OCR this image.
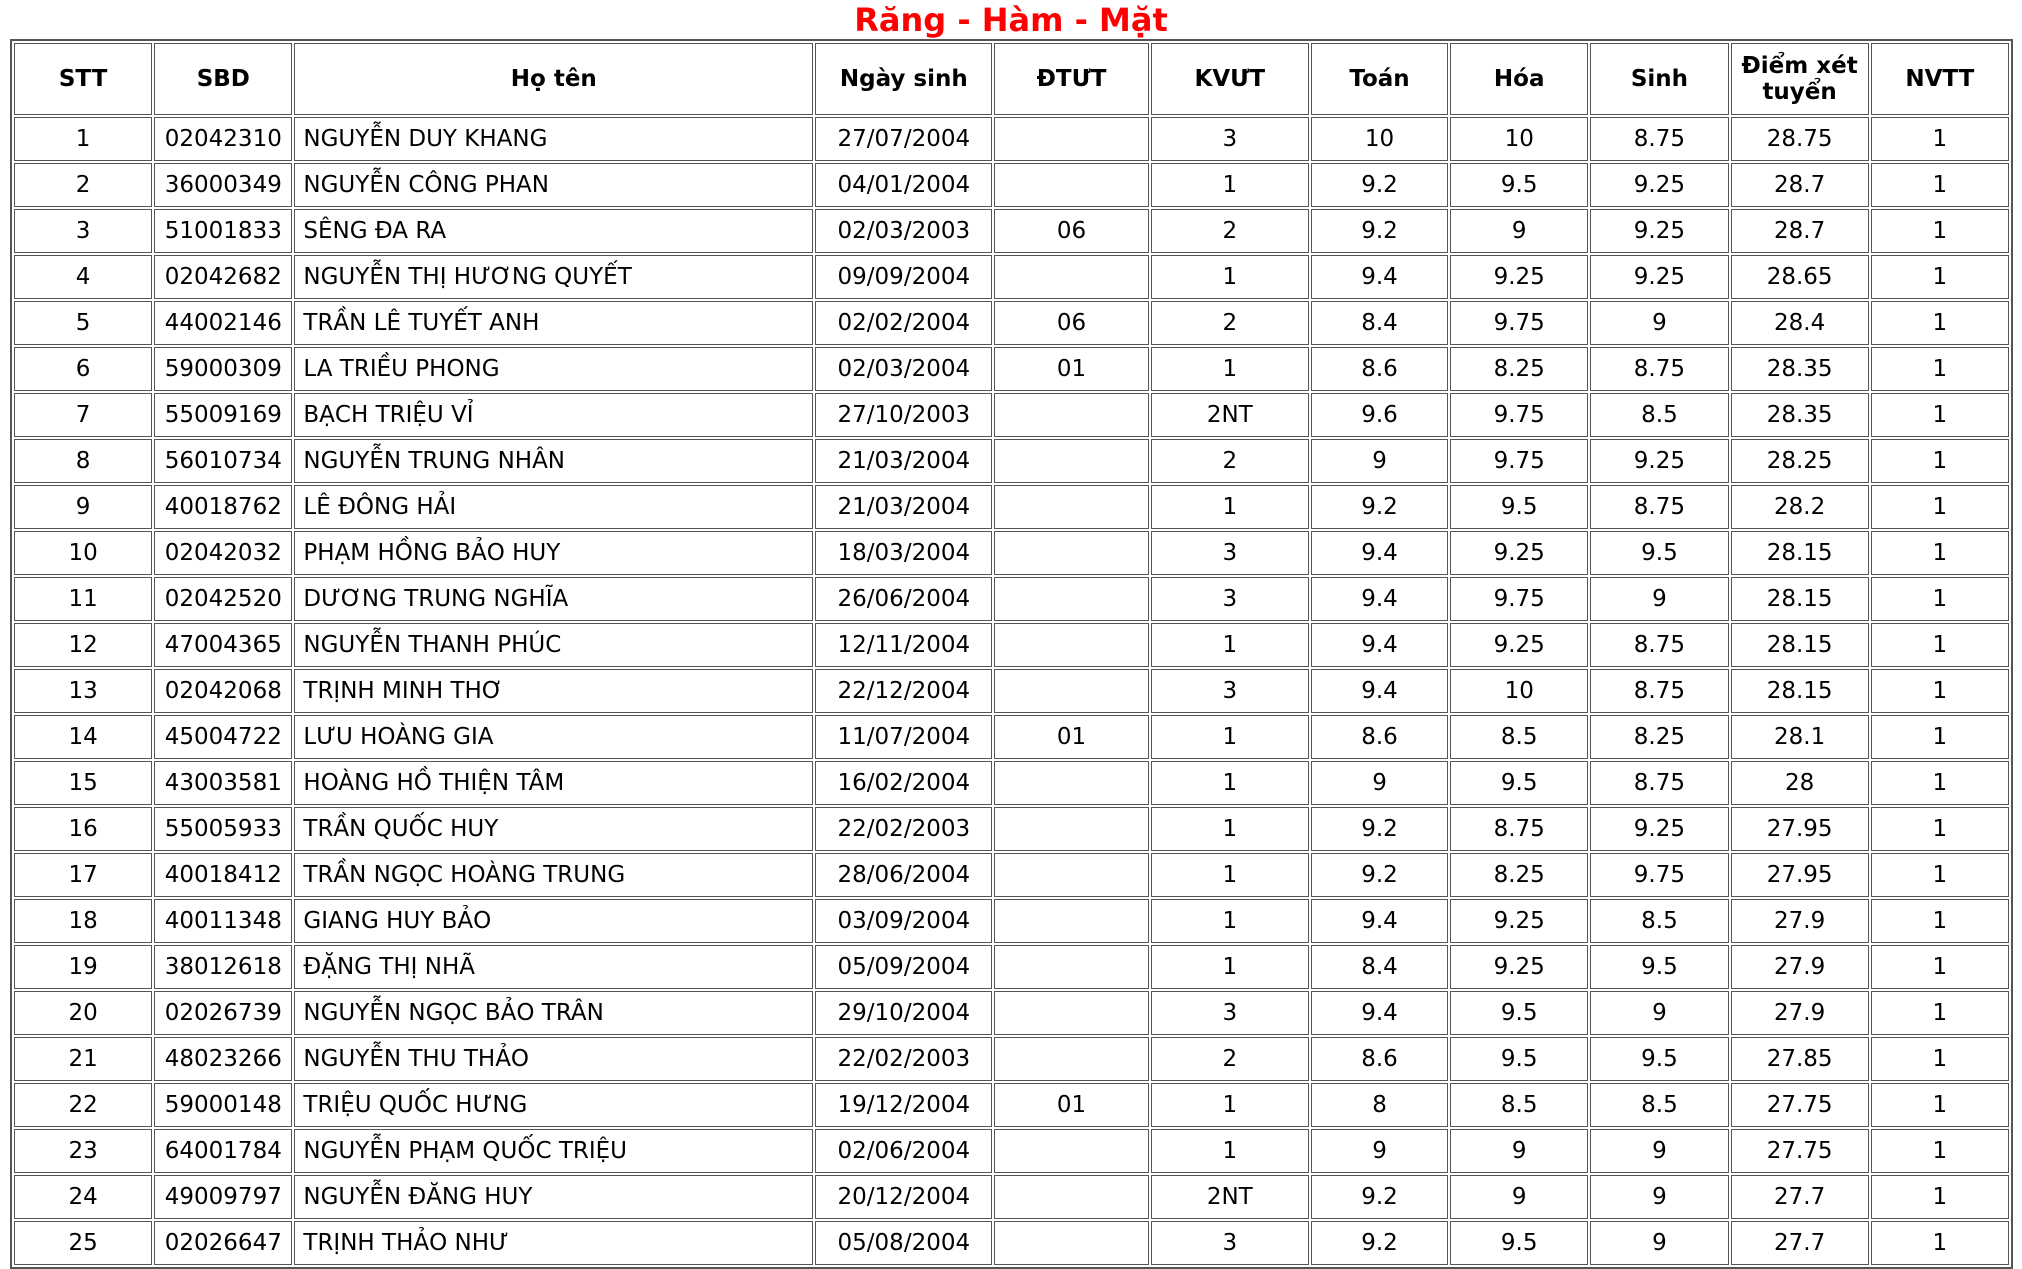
Răng - Hàm - Mặt
STT	SBD	Họ tên	Ngày sinh	ĐTƯT	KVƯT	Toán	Hóa	Sinh	Điểm xét tuyển	NVTT
1	02042310	NGUYỄN DUY KHANG	27/07/2004		3	10	10	8.75	28.75	1
2	36000349	NGUYỄN CÔNG PHAN	04/01/2004		1	9.2	9.5	9.25	28.7	1
3	51001833	SÊNG ĐA RA	02/03/2003	06	2	9.2	9	9.25	28.7	1
4	02042682	NGUYỄN THỊ HƯƠNG QUYẾT	09/09/2004		1	9.4	9.25	9.25	28.65	1
5	44002146	TRẦN LÊ TUYẾT ANH	02/02/2004	06	2	8.4	9.75	9	28.4	1
6	59000309	LA TRIỀU PHONG	02/03/2004	01	1	8.6	8.25	8.75	28.35	1
7	55009169	BẠCH TRIỆU VỈ	27/10/2003		2NT	9.6	9.75	8.5	28.35	1
8	56010734	NGUYỄN TRUNG NHÂN	21/03/2004		2	9	9.75	9.25	28.25	1
9	40018762	LÊ ĐÔNG HẢI	21/03/2004		1	9.2	9.5	8.75	28.2	1
10	02042032	PHẠM HỒNG BẢO HUY	18/03/2004		3	9.4	9.25	9.5	28.15	1
11	02042520	DƯƠNG TRUNG NGHĨA	26/06/2004		3	9.4	9.75	9	28.15	1
12	47004365	NGUYỄN THANH PHÚC	12/11/2004		1	9.4	9.25	8.75	28.15	1
13	02042068	TRỊNH MINH THƠ	22/12/2004		3	9.4	10	8.75	28.15	1
14	45004722	LƯU HOÀNG GIA	11/07/2004	01	1	8.6	8.5	8.25	28.1	1
15	43003581	HOÀNG HỒ THIỆN TÂM	16/02/2004		1	9	9.5	8.75	28	1
16	55005933	TRẦN QUỐC HUY	22/02/2003		1	9.2	8.75	9.25	27.95	1
17	40018412	TRẦN NGỌC HOÀNG TRUNG	28/06/2004		1	9.2	8.25	9.75	27.95	1
18	40011348	GIANG HUY BẢO	03/09/2004		1	9.4	9.25	8.5	27.9	1
19	38012618	ĐẶNG THỊ NHÃ	05/09/2004		1	8.4	9.25	9.5	27.9	1
20	02026739	NGUYỄN NGỌC BẢO TRÂN	29/10/2004		3	9.4	9.5	9	27.9	1
21	48023266	NGUYỄN THU THẢO	22/02/2003		2	8.6	9.5	9.5	27.85	1
22	59000148	TRIỆU QUỐC HƯNG	19/12/2004	01	1	8	8.5	8.5	27.75	1
23	64001784	NGUYỄN PHẠM QUỐC TRIỆU	02/06/2004		1	9	9	9	27.75	1
24	49009797	NGUYỄN ĐĂNG HUY	20/12/2004		2NT	9.2	9	9	27.7	1
25	02026647	TRỊNH THẢO NHƯ	05/08/2004		3	9.2	9.5	9	27.7	1
